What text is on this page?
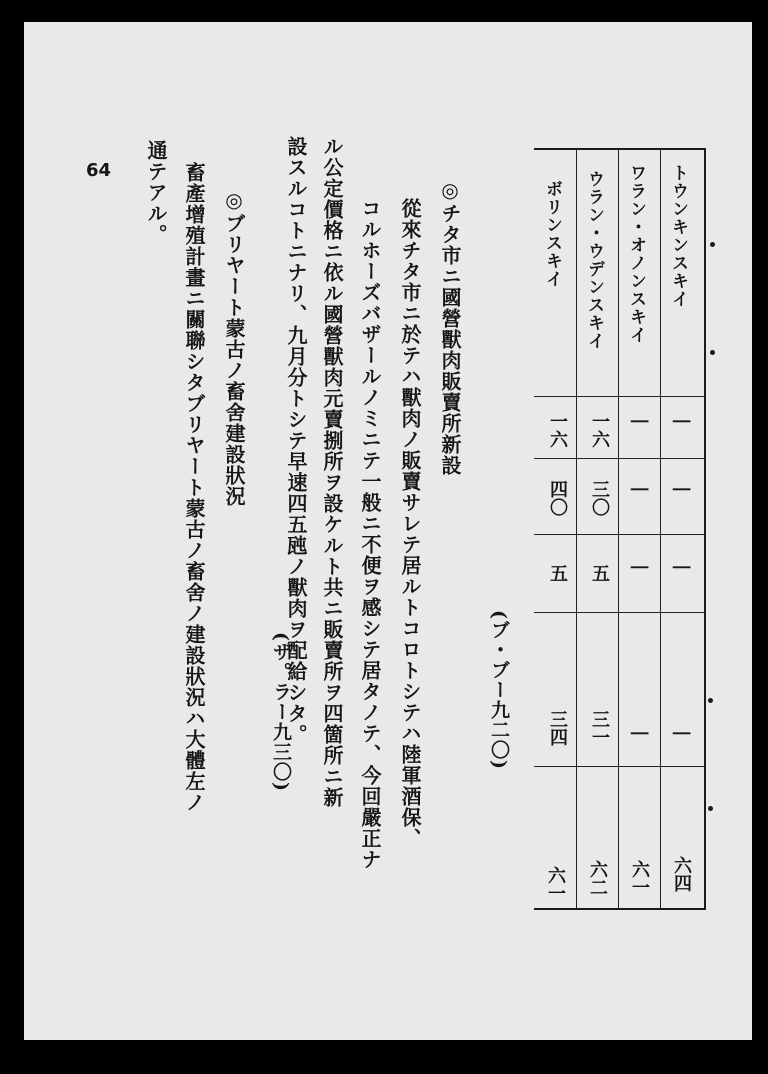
トウンキンスキイ
|
|
|
|
六四
ワラン・オノンスキイ
|
|
|
|
六一
ウラン・ウデンスキイ
一六
三〇
五
三一
六二
ボリンスキイ
一六
四〇
五
三四
六一
(ブ・ブー九二〇)
◎チタ市ニ國營獸肉販賣所新設
從來チタ市ニ於テハ獸肉ノ販賣サレテ居ルトコロトシテハ陸軍酒保、
コルホーズバザールノミニテ一般ニ不便ヲ感シテ居タノテ、今回嚴正ナ
ル公定價格ニ依ル國營獸肉元賣捌所ヲ設ケルト共ニ販賣所ヲ四箇所ニ新
設スルコトニナリ、九月分トシテ早速四五瓲ノ獸肉ヲ配給シタ。
(ザ。ラー九三〇)
◎ブリヤート蒙古ノ畜舍建設狀況
畜產增殖計畫ニ關聯シタブリヤート蒙古ノ畜舍ノ建設狀況ハ大體左ノ
通テアル。
64
